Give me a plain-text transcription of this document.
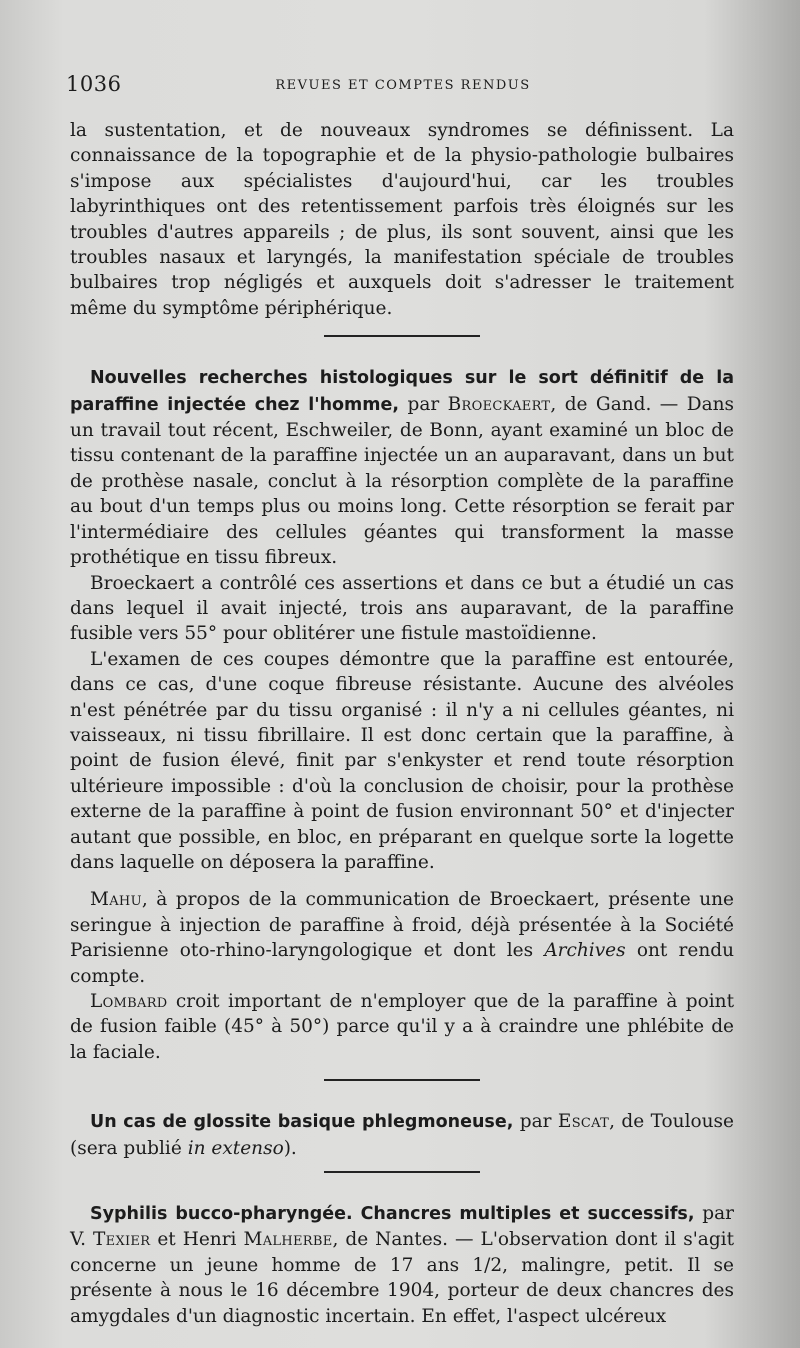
1036	REVUES ET COMPTES RENDUS

la sustentation, et de nouveaux syndromes se définissent. La connaissance de la topographie et de la physio-pathologie bulbaires s'impose aux spécialistes d'aujourd'hui, car les troubles labyrinthiques ont des retentissement parfois très éloignés sur les troubles d'autres appareils ; de plus, ils sont souvent, ainsi que les troubles nasaux et laryngés, la manifestation spéciale de troubles bulbaires trop négligés et auxquels doit s'adresser le traitement même du symptôme périphérique.

Nouvelles recherches histologiques sur le sort définitif de la paraffine injectée chez l'homme, par Broeckaert, de Gand. — Dans un travail tout récent, Eschweiler, de Bonn, ayant examiné un bloc de tissu contenant de la paraffine injectée un an auparavant, dans un but de prothèse nasale, conclut à la résorption complète de la paraffine au bout d'un temps plus ou moins long. Cette résorption se ferait par l'intermédiaire des cellules géantes qui transforment la masse prothétique en tissu fibreux.

Broeckaert a contrôlé ces assertions et dans ce but a étudié un cas dans lequel il avait injecté, trois ans auparavant, de la paraffine fusible vers 55° pour oblitérer une fistule mastoïdienne.

L'examen de ces coupes démontre que la paraffine est entourée, dans ce cas, d'une coque fibreuse résistante. Aucune des alvéoles n'est pénétrée par du tissu organisé : il n'y a ni cellules géantes, ni vaisseaux, ni tissu fibrillaire. Il est donc certain que la paraffine, à point de fusion élevé, finit par s'enkyster et rend toute résorption ultérieure impossible : d'où la conclusion de choisir, pour la prothèse externe de la paraffine à point de fusion environnant 50° et d'injecter autant que possible, en bloc, en préparant en quelque sorte la logette dans laquelle on déposera la paraffine.

Mahu, à propos de la communication de Broeckaert, présente une seringue à injection de paraffine à froid, déjà présentée à la Société Parisienne oto-rhino-laryngologique et dont les Archives ont rendu compte.

Lombard croit important de n'employer que de la paraffine à point de fusion faible (45° à 50°) parce qu'il y a à craindre une phlébite de la faciale.

Un cas de glossite basique phlegmoneuse, par Escat, de Toulouse (sera publié in extenso).

Syphilis bucco-pharyngée. Chancres multiples et successifs, par V. Texier et Henri Malherbe, de Nantes. — L'observation dont il s'agit concerne un jeune homme de 17 ans 1/2, malingre, petit. Il se présente à nous le 16 décembre 1904, porteur de deux chancres des amygdales d'un diagnostic incertain. En effet, l'aspect ulcéreux
